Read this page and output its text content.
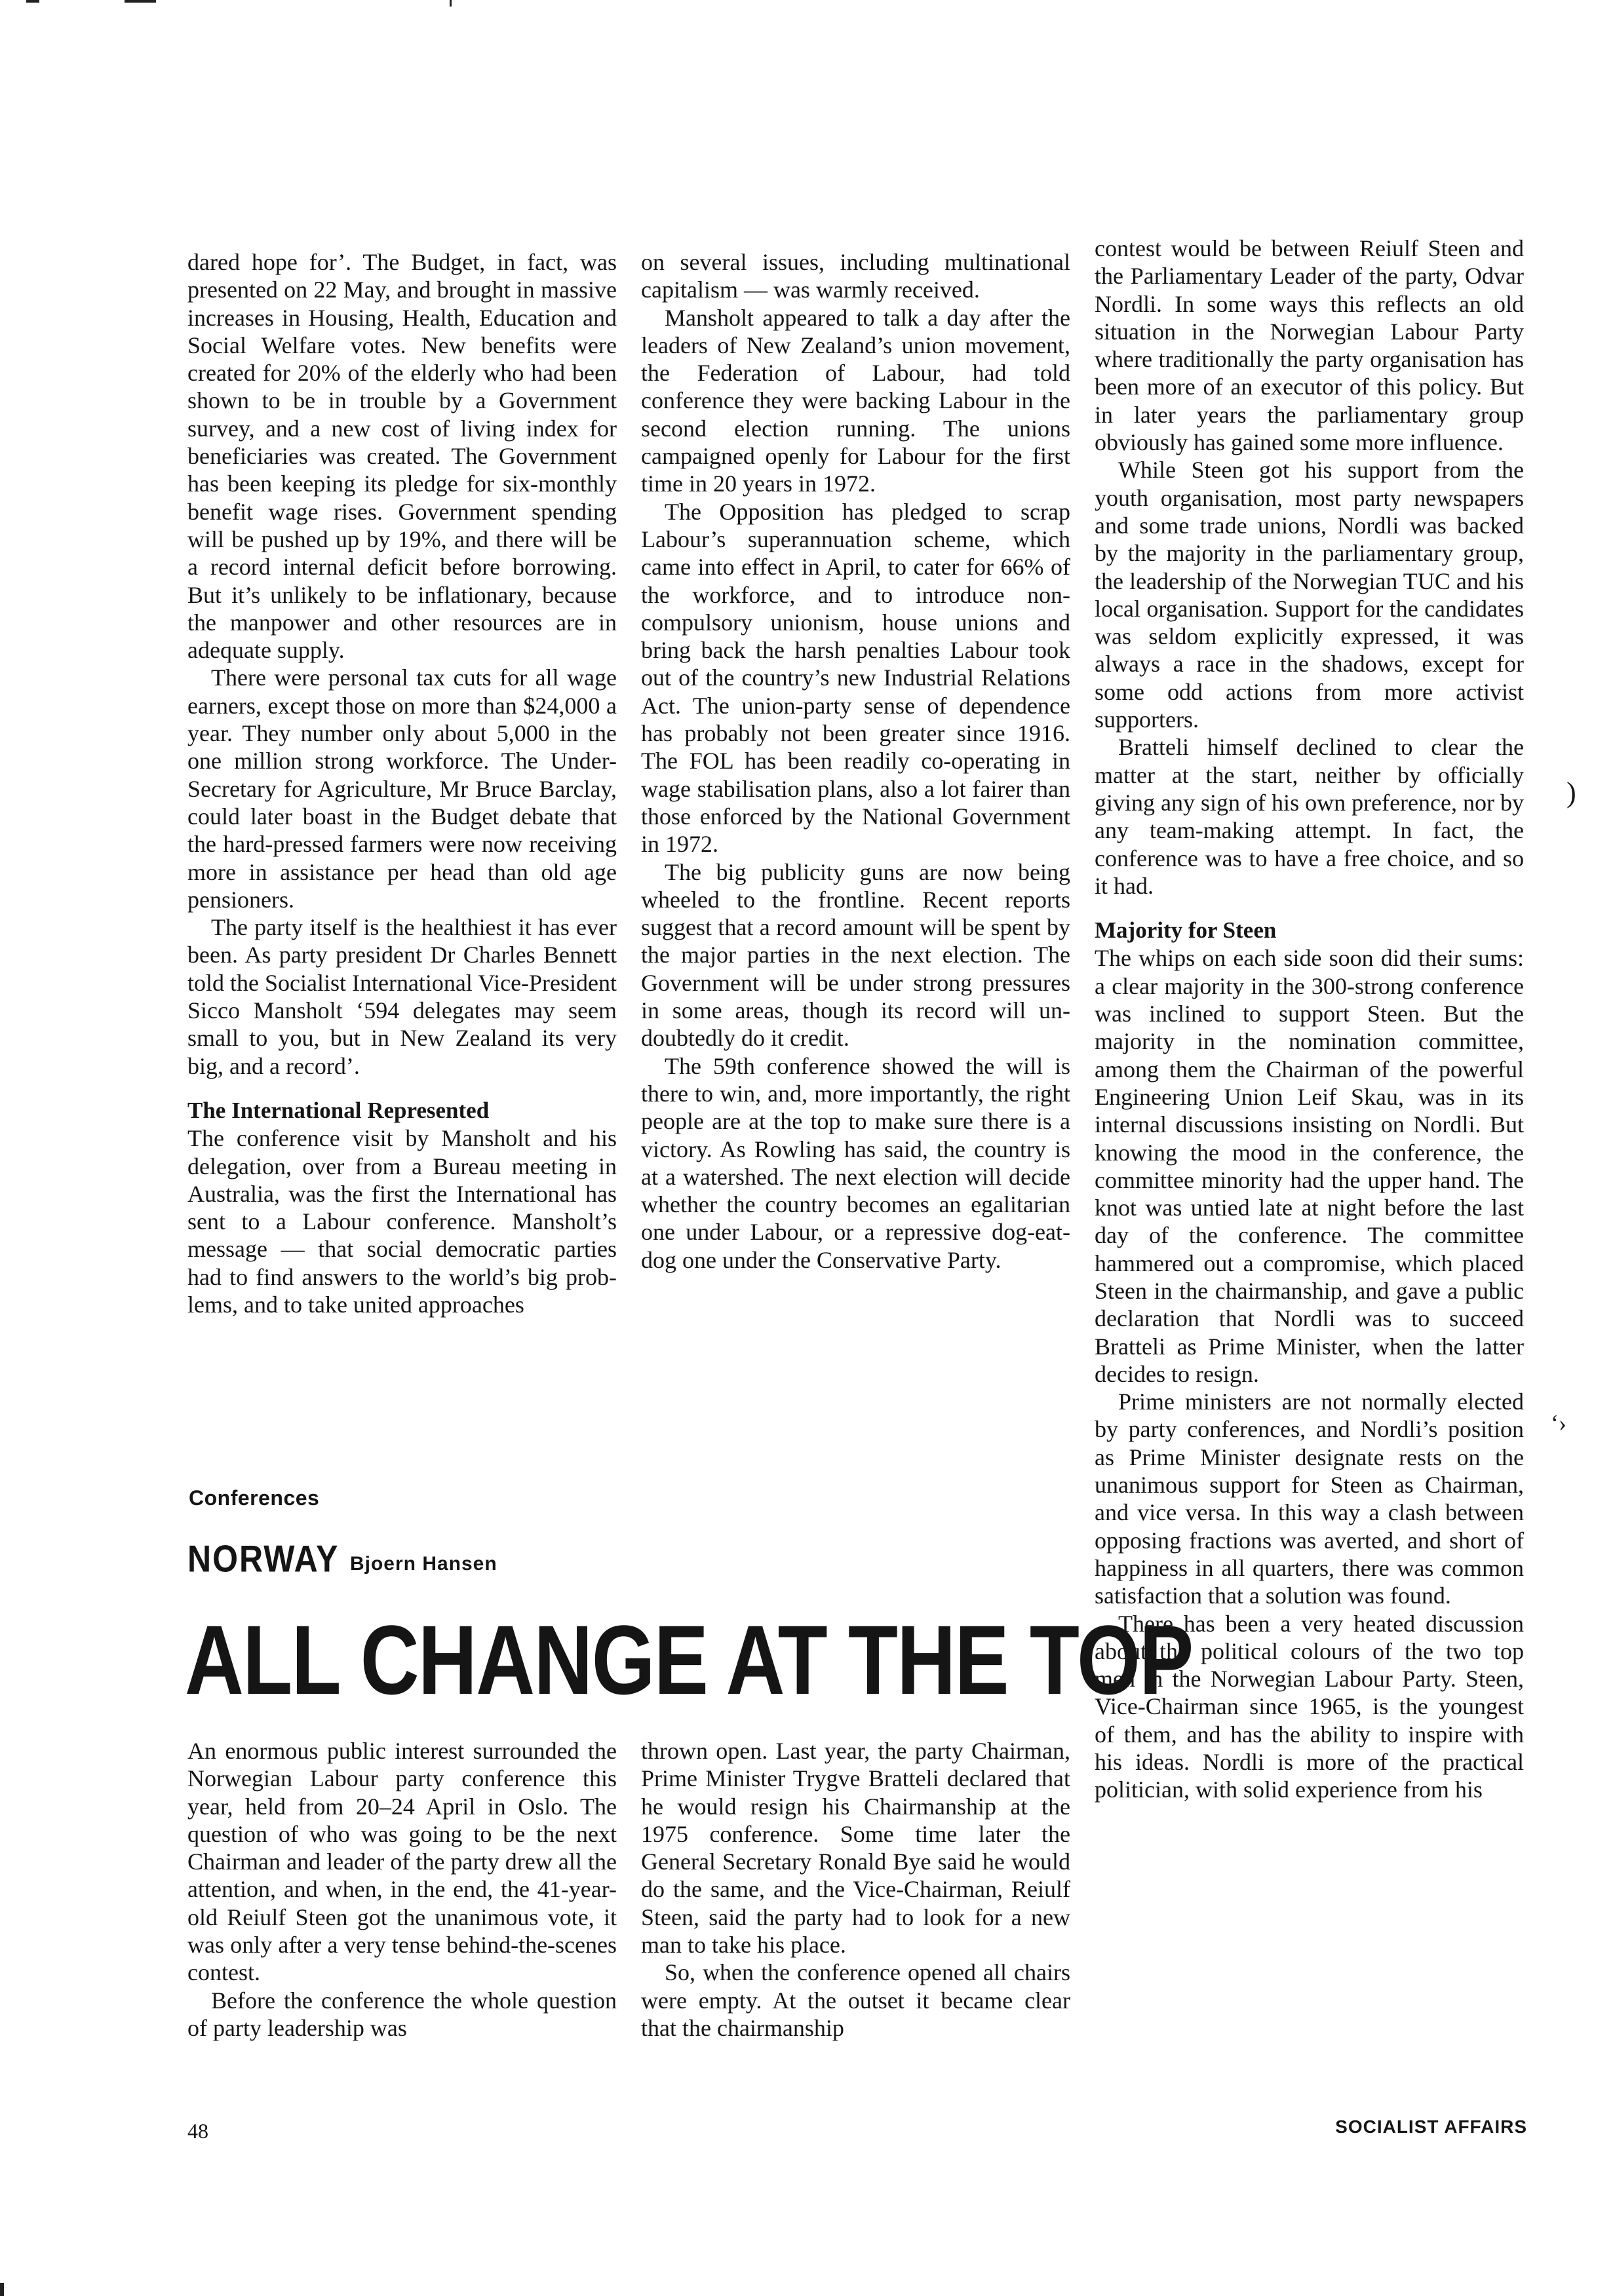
dared hope for’. The Budget, in fact, was presented on 22 May, and brought in massive increases in Housing, Health, Education and Social Welfare votes. New benefits were created for 20% of the elderly who had been shown to be in trouble by a Government survey, and a new cost of living index for beneficiaries was created. The Government has been keeping its pledge for six-monthly benefit wage rises. Government spending will be pushed up by 19%, and there will be a record internal deficit before borrowing. But it’s unlikely to be inflationary, because the manpower and other resources are in adequate supply.

There were personal tax cuts for all wage earners, except those on more than $24,000 a year. They number only about 5,000 in the one million strong workforce. The Under-Secretary for Agriculture, Mr Bruce Barclay, could later boast in the Budget debate that the hard-pressed farmers were now receiving more in assistance per head than old age pensioners.

The party itself is the healthiest it has ever been. As party president Dr Charles Bennett told the Socialist International Vice-President Sicco Mansholt ‘594 delegates may seem small to you, but in New Zealand its very big, and a record’.

The International Represented

The conference visit by Mansholt and his delegation, over from a Bureau meeting in Australia, was the first the International has sent to a Labour conference. Mansholt’s message — that social democratic parties had to find answers to the world’s big problems, and to take united approaches

on several issues, including multinational capitalism — was warmly received.

Mansholt appeared to talk a day after the leaders of New Zealand’s union movement, the Federation of Labour, had told conference they were backing Labour in the second election running. The unions campaigned openly for Labour for the first time in 20 years in 1972.

The Opposition has pledged to scrap Labour’s superannuation scheme, which came into effect in April, to cater for 66% of the workforce, and to introduce non-compulsory unionism, house unions and bring back the harsh penalties Labour took out of the country’s new Industrial Relations Act. The union-party sense of dependence has probably not been greater since 1916. The FOL has been readily co-operating in wage stabilisation plans, also a lot fairer than those enforced by the National Government in 1972.

The big publicity guns are now being wheeled to the frontline. Recent reports suggest that a record amount will be spent by the major parties in the next election. The Government will be under strong pressures in some areas, though its record will undoubtedly do it credit.

The 59th conference showed the will is there to win, and, more importantly, the right people are at the top to make sure there is a victory. As Rowling has said, the country is at a watershed. The next election will decide whether the country becomes an egalitarian one under Labour, or a repressive dog-eat-dog one under the Conservative Party.

contest would be between Reiulf Steen and the Parliamentary Leader of the party, Odvar Nordli. In some ways this reflects an old situation in the Norwegian Labour Party where traditionally the party organisation has been more of an executor of this policy. But in later years the parliamentary group obviously has gained some more influence.

While Steen got his support from the youth organisation, most party newspapers and some trade unions, Nordli was backed by the majority in the parliamentary group, the leadership of the Norwegian TUC and his local organisation. Support for the candidates was seldom explicitly expressed, it was always a race in the shadows, except for some odd actions from more activist supporters.

Bratteli himself declined to clear the matter at the start, neither by officially giving any sign of his own preference, nor by any team-making attempt. In fact, the conference was to have a free choice, and so it had.

Majority for Steen

The whips on each side soon did their sums: a clear majority in the 300-strong conference was inclined to support Steen. But the majority in the nomination committee, among them the Chairman of the powerful Engineering Union Leif Skau, was in its internal discussions insisting on Nordli. But knowing the mood in the conference, the committee minority had the upper hand. The knot was untied late at night before the last day of the conference. The committee hammered out a compromise, which placed Steen in the chairmanship, and gave a public declaration that Nordli was to succeed Bratteli as Prime Minister, when the latter decides to resign.

Prime ministers are not normally elected by party conferences, and Nordli’s position as Prime Minister designate rests on the unanimous support for Steen as Chairman, and vice versa. In this way a clash between opposing fractions was averted, and short of happiness in all quarters, there was common satisfaction that a solution was found.

There has been a very heated discussion about the political colours of the two top men in the Norwegian Labour Party. Steen, Vice-Chairman since 1965, is the youngest of them, and has the ability to inspire with his ideas. Nordli is more of the practical politician, with solid experience from his

Conferences
NORWAY Bjoern Hansen
ALL CHANGE AT THE TOP

An enormous public interest surrounded the Norwegian Labour party conference this year, held from 20–24 April in Oslo. The question of who was going to be the next Chairman and leader of the party drew all the attention, and when, in the end, the 41-year-old Reiulf Steen got the unanimous vote, it was only after a very tense behind-the-scenes contest.

Before the conference the whole question of party leadership was

thrown open. Last year, the party Chairman, Prime Minister Trygve Bratteli declared that he would resign his Chairmanship at the 1975 conference. Some time later the General Secretary Ronald Bye said he would do the same, and the Vice-Chairman, Reiulf Steen, said the party had to look for a new man to take his place.

So, when the conference opened all chairs were empty. At the outset it became clear that the chairmanship

)
‘›
48	SOCIALIST AFFAIRS
